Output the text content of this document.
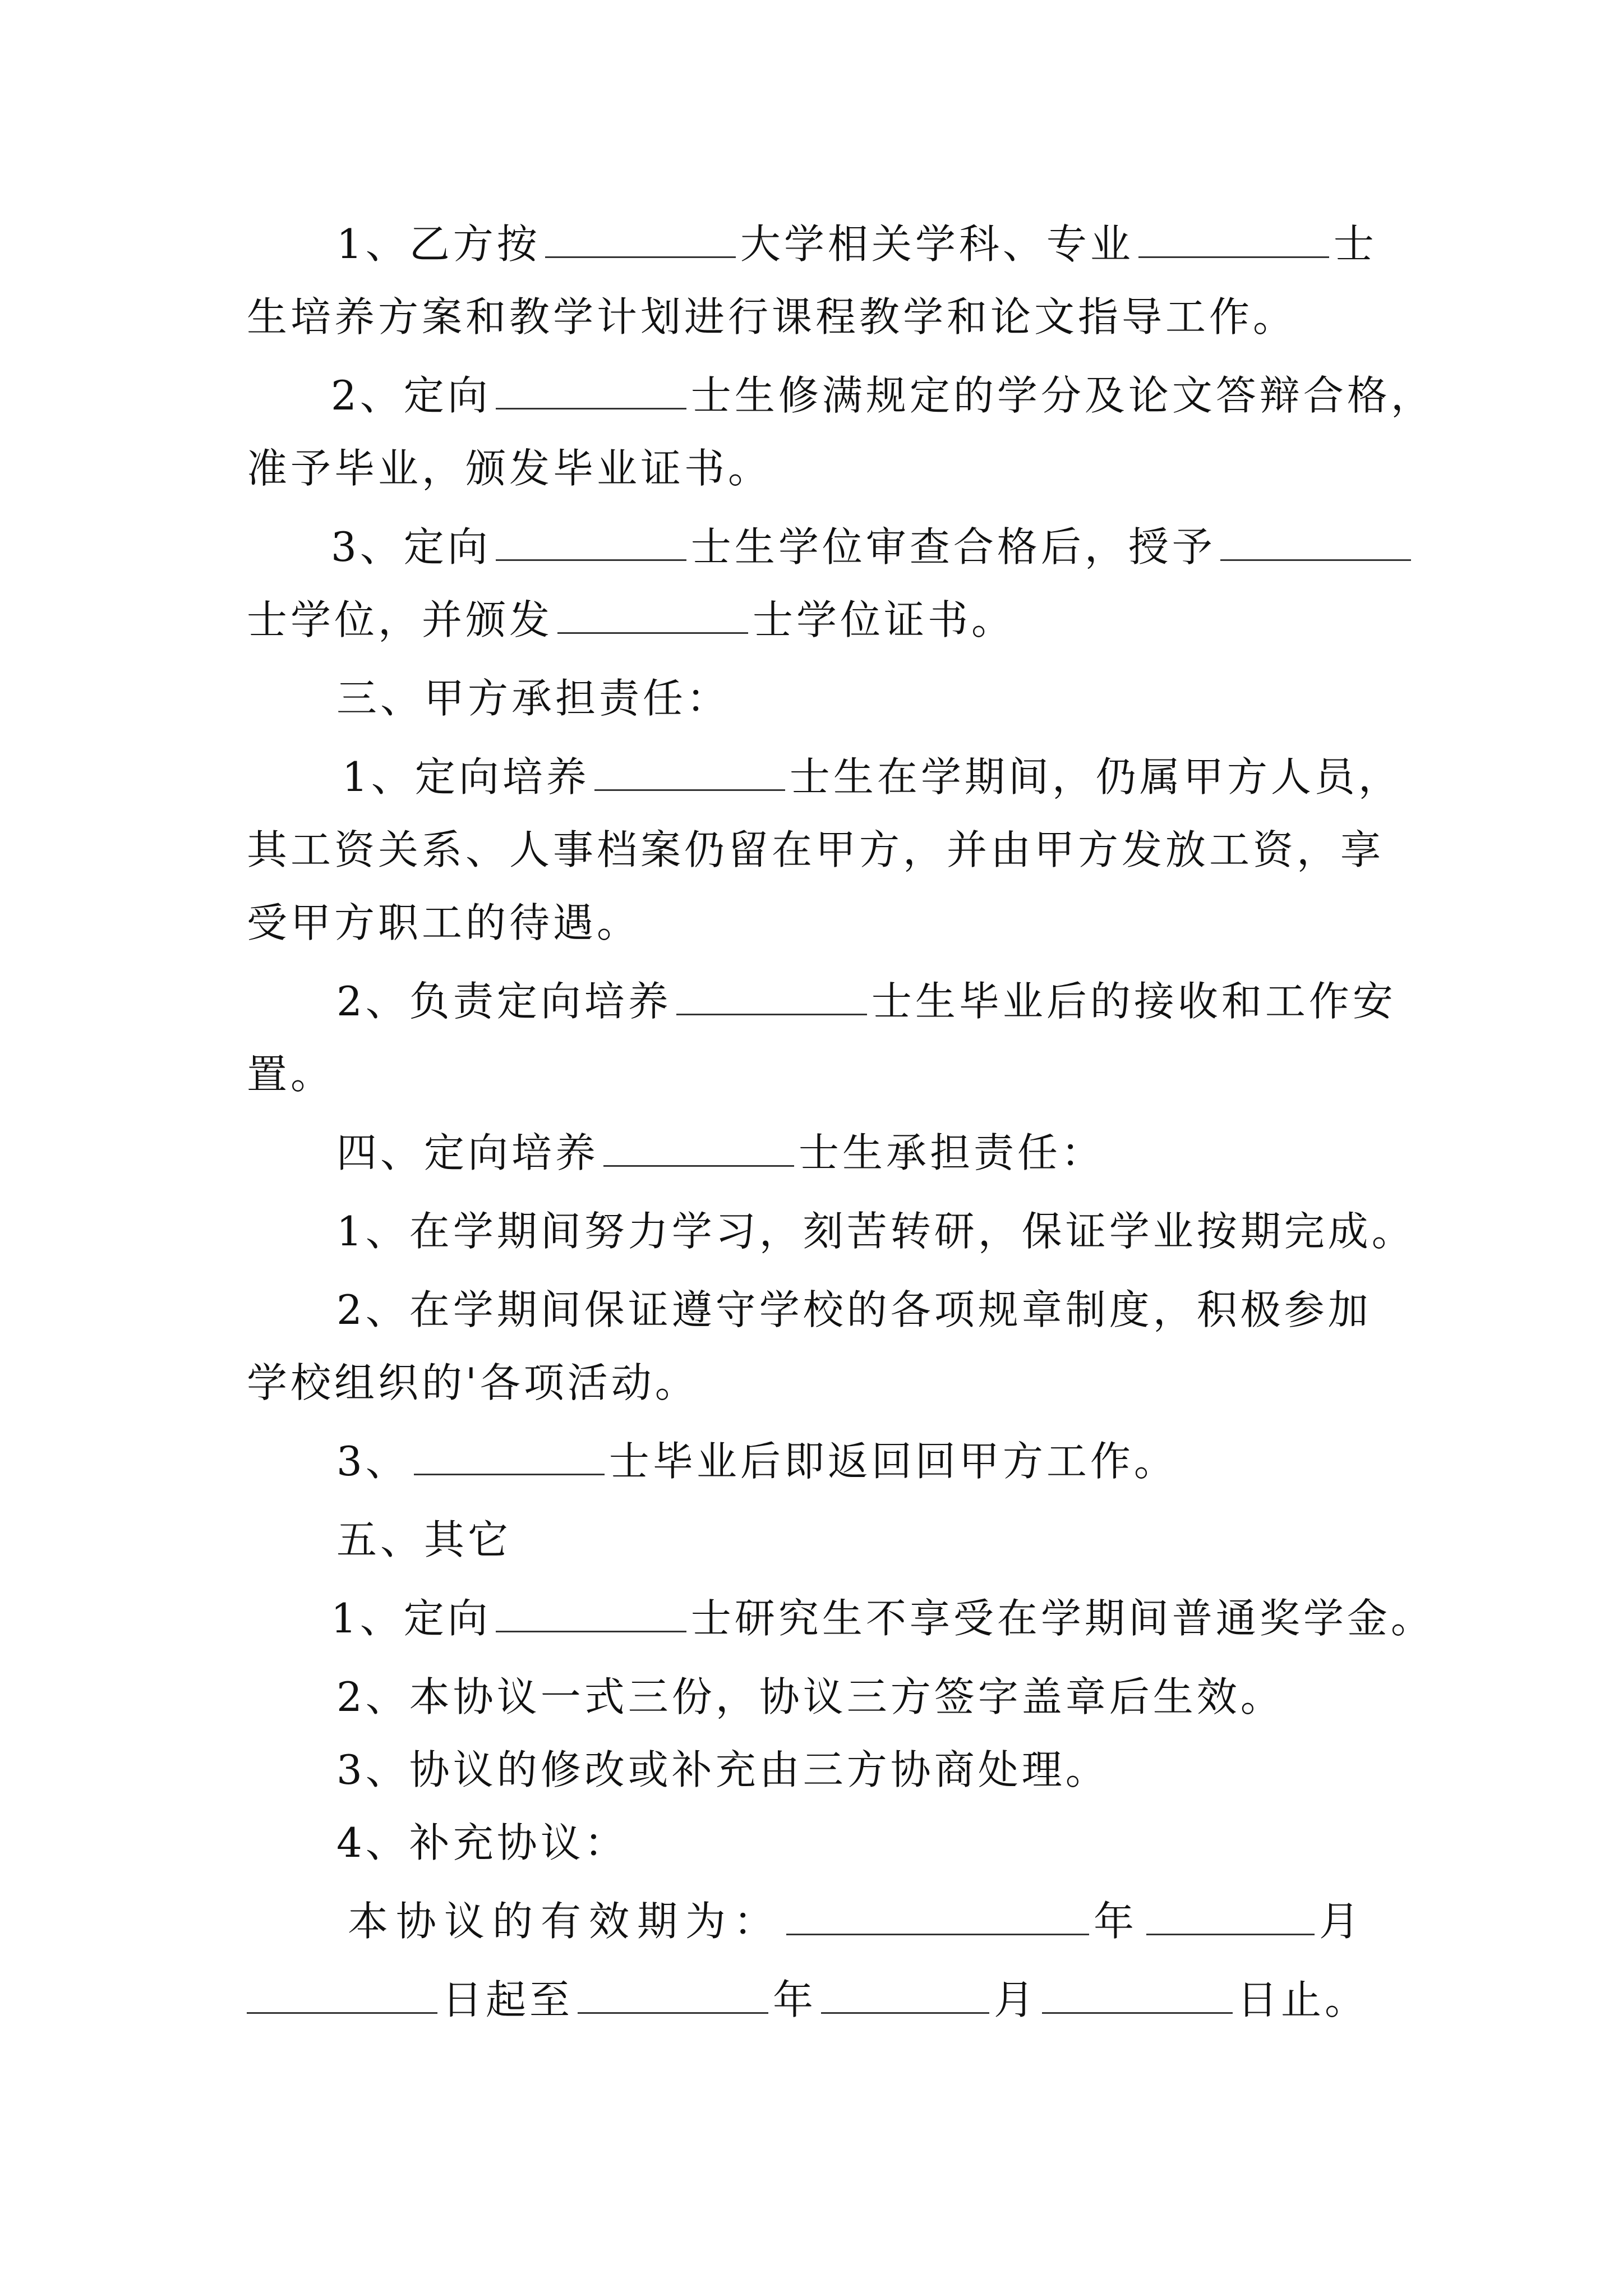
1、乙方按	大学相关学科、专业	士
生培养方案和教学计划进行课程教学和论文指导工作。
2、定向	士生修满规定的学分及论文答辩合格，
准予毕业，颁发毕业证书。
3、定向	士生学位审查合格后，授予
士学位，并颁发	士学位证书。
三、甲方承担责任：
1、定向培养	士生在学期间，仍属甲方人员，
其工资关系、人事档案仍留在甲方，并由甲方发放工资，享
受甲方职工的待遇。
2、负责定向培养	士生毕业后的接收和工作安
置。
四、定向培养	士生承担责任：
1、在学期间努力学习，刻苦转研，保证学业按期完成。
2、在学期间保证遵守学校的各项规章制度，积极参加
学校组织的'各项活动。
3、	士毕业后即返回回甲方工作。
五、其它
1、定向	士研究生不享受在学期间普通奖学金。
2、本协议一式三份，协议三方签字盖章后生效。
3、协议的修改或补充由三方协商处理。
4、补充协议：
本协议的有效期为：	年	月
日起至	年	月	日止。
